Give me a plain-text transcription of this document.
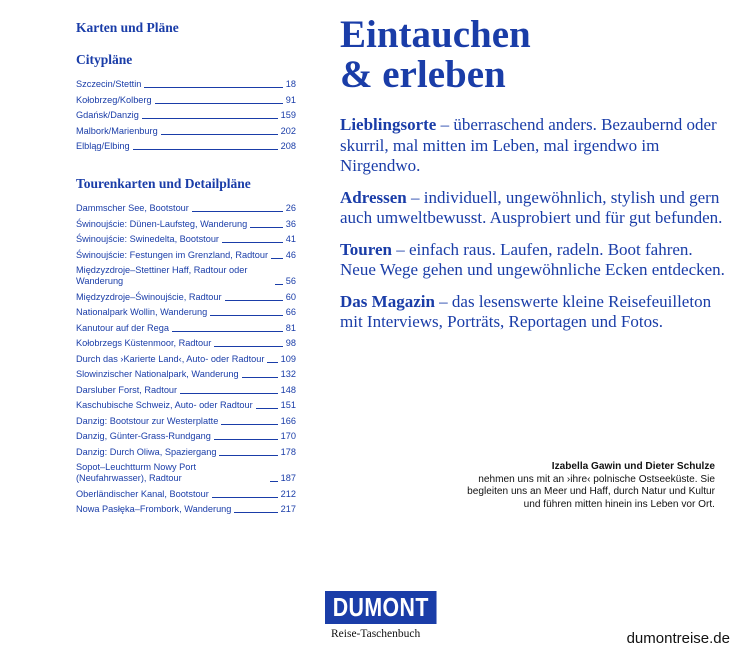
Karten und Pläne
Citypläne
Szczecin/Stettin	18
Kołobrzeg/Kolberg	91
Gdańsk/Danzig	159
Malbork/Marienburg	202
Elbląg/Elbing	208
Tourenkarten und Detailpläne
Dammscher See, Bootstour	26
Świnoujście: Dünen-Laufsteg, Wanderung	36
Świnoujście: Swinedelta, Bootstour	41
Świnoujście: Festungen im Grenzland, Radtour 46
Międzyzdroje–Stettiner Haff, Radtour oder Wanderung	56
Międzyzdroje–Świnoujście, Radtour	60
Nationalpark Wollin, Wanderung	66
Kanutour auf der Rega	81
Kołobrzegs Küstenmoor, Radtour	98
Durch das ›Karierte Land‹, Auto- oder Radtour 109
Slowinzischer Nationalpark, Wanderung	132
Darsluber Forst, Radtour	148
Kaschubische Schweiz, Auto- oder Radtour	151
Danzig: Bootstour zur Westerplatte	166
Danzig, Günter-Grass-Rundgang	170
Danzig: Durch Oliwa, Spaziergang	178
Sopot–Leuchtturm Nowy Port (Neufahrwasser), Radtour	187
Oberländischer Kanal, Bootstour	212
Nowa Pasłęka–Frombork, Wanderung	217
Eintauchen
& erleben

Lieblingsorte – überraschend anders. Bezaubernd oder skurril, mal mitten im Leben, mal irgendwo im Nirgendwo.

Adressen – individuell, ungewöhnlich, stylish und gern auch umweltbewusst. Ausprobiert und für gut befunden.

Touren – einfach raus. Laufen, radeln. Boot fahren. Neue Wege gehen und ungewöhnliche Ecken entdecken.

Das Magazin – das lesenswerte kleine Reisefeuilleton mit Interviews, Porträts, Reportagen und Fotos.

Izabella Gawin und Dieter Schulze
nehmen uns mit an ›ihre‹ polnische Ostseeküste. Sie begleiten uns an Meer und Haff, durch Natur und Kultur und führen mitten hinein ins Leben vor Ort.
DUMONT
Reise-Taschenbuch	dumontreise.de
